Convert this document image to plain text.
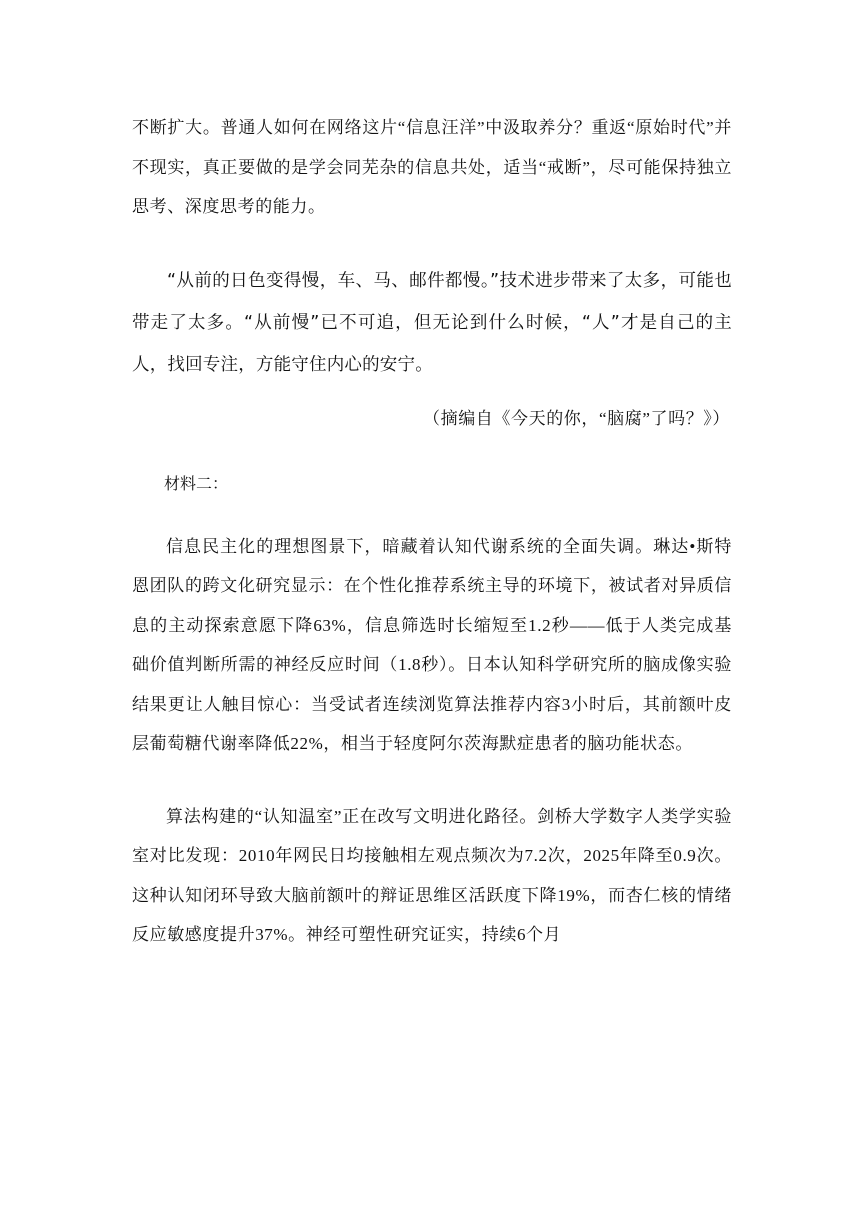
不断扩大。普通人如何在网络这片“信息汪洋”中汲取养分？重返“原始时代”并不现实，真正要做的是学会同芜杂的信息共处，适当“戒断”，尽可能保持独立思考、深度思考的能力。

“从前的日色变得慢，车、马、邮件都慢。”技术进步带来了太多，可能也带走了太多。“从前慢”已不可追，但无论到什么时候，“人”才是自己的主人，找回专注，方能守住内心的安宁。

（摘编自《今天的你，“脑腐”了吗？》）
材料二：

信息民主化的理想图景下，暗藏着认知代谢系统的全面失调。琳达•斯特恩团队的跨文化研究显示：在个性化推荐系统主导的环境下，被试者对异质信息的主动探索意愿下降63%，信息筛选时长缩短至1.2秒——低于人类完成基础价值判断所需的神经反应时间（1.8秒）。日本认知科学研究所的脑成像实验结果更让人触目惊心：当受试者连续浏览算法推荐内容3小时后，其前额叶皮层葡萄糖代谢率降低22%，相当于轻度阿尔茨海默症患者的脑功能状态。

算法构建的“认知温室”正在改写文明进化路径。剑桥大学数字人类学实验室对比发现：2010年网民日均接触相左观点频次为7.2次，2025年降至0.9次。这种认知闭环导致大脑前额叶的辩证思维区活跃度下降19%，而杏仁核的情绪反应敏感度提升37%。神经可塑性研究证实，持续6个月
